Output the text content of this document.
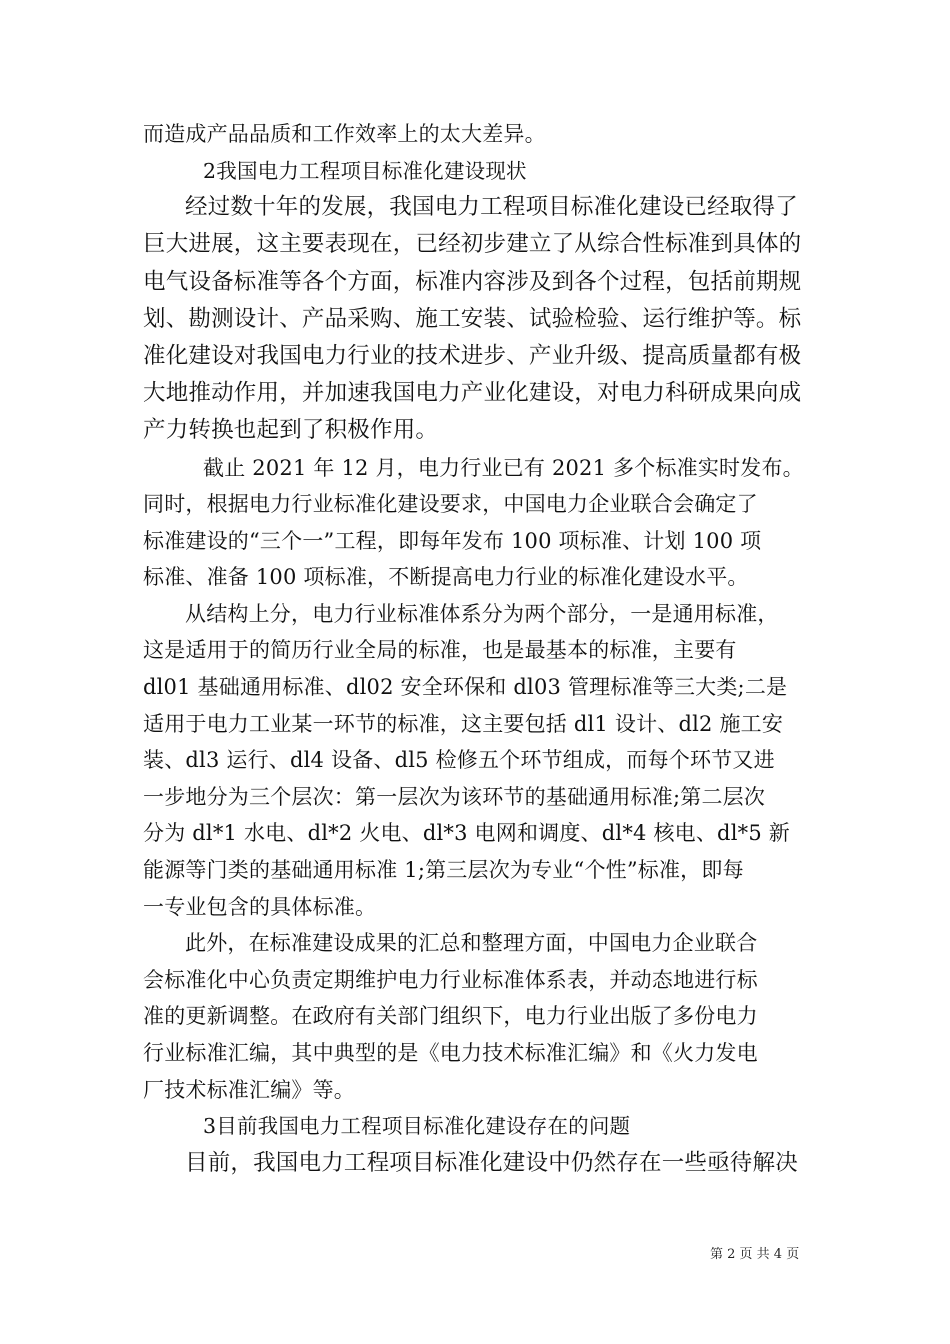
而造成产品品质和工作效率上的太大差异。
2我国电力工程项目标准化建设现状
经过数十年的发展，我国电力工程项目标准化建设已经取得了
巨大进展，这主要表现在，已经初步建立了从综合性标准到具体的
电气设备标准等各个方面，标准内容涉及到各个过程，包括前期规
划、勘测设计、产品采购、施工安装、试验检验、运行维护等。标
准化建设对我国电力行业的技术进步、产业升级、提高质量都有极
大地推动作用，并加速我国电力产业化建设，对电力科研成果向成
产力转换也起到了积极作用。
截止 2021 年 12 月，电力行业已有 2021 多个标准实时发布。
同时，根据电力行业标准化建设要求，中国电力企业联合会确定了
标准建设的“三个一”工程，即每年发布 100 项标准、计划 100 项
标准、准备 100 项标准，不断提高电力行业的标准化建设水平。
从结构上分，电力行业标准体系分为两个部分，一是通用标准，
这是适用于的简历行业全局的标准，也是最基本的标准，主要有
dl01 基础通用标准、dl02 安全环保和 dl03 管理标准等三大类;二是
适用于电力工业某一环节的标准，这主要包括 dl1 设计、dl2 施工安
装、dl3 运行、dl4 设备、dl5 检修五个环节组成，而每个环节又进
一步地分为三个层次：第一层次为该环节的基础通用标准;第二层次
分为 dl*1 水电、dl*2 火电、dl*3 电网和调度、dl*4 核电、dl*5 新
能源等门类的基础通用标准 1;第三层次为专业“个性”标准，即每
一专业包含的具体标准。
此外，在标准建设成果的汇总和整理方面，中国电力企业联合
会标准化中心负责定期维护电力行业标准体系表，并动态地进行标
准的更新调整。在政府有关部门组织下，电力行业出版了多份电力
行业标准汇编，其中典型的是《电力技术标准汇编》和《火力发电
厂技术标准汇编》等。
3目前我国电力工程项目标准化建设存在的问题
目前，我国电力工程项目标准化建设中仍然存在一些亟待解决
第 2 页 共 4 页
